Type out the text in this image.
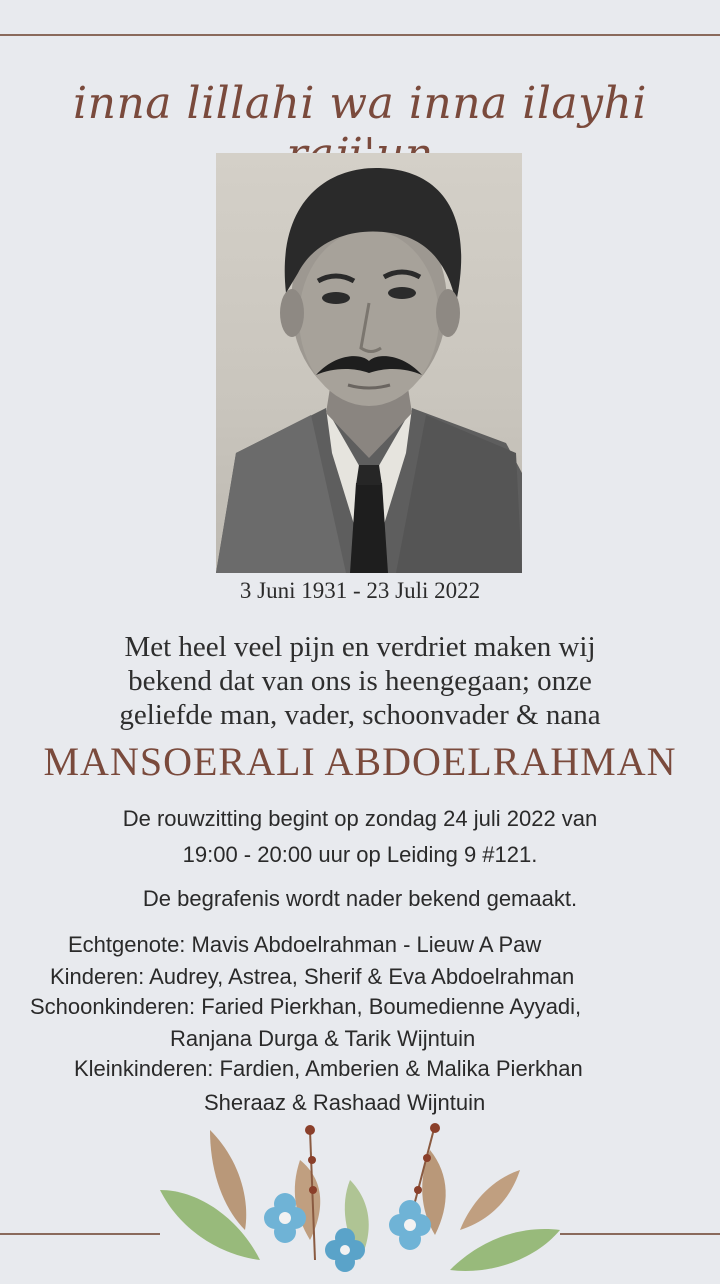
inna lillahi wa inna ilayhi
3 Juni 1931 - 23 Juli 2022
Met heel veel pijn en verdriet maken wij
bekend dat van ons is heengegaan; onze
geliefde man, vader, schoonvader & nana
MANSOERALI ABDOELRAHMAN
De rouwzitting begint op zondag 24 juli 2022 van
19:00 - 20:00 uur op Leiding 9 #121.
De begrafenis wordt nader bekend gemaakt.
Echtgenote: Mavis Abdoelrahman - Lieuw A Paw
Kinderen: Audrey, Astrea, Sherif & Eva Abdoelrahman
Schoonkinderen: Faried Pierkhan, Boumedienne Ayyadi,
Ranjana Durga & Tarik Wijntuin
Kleinkinderen: Fardien, Amberien & Malika Pierkhan
Sheraaz & Rashaad Wijntuin
